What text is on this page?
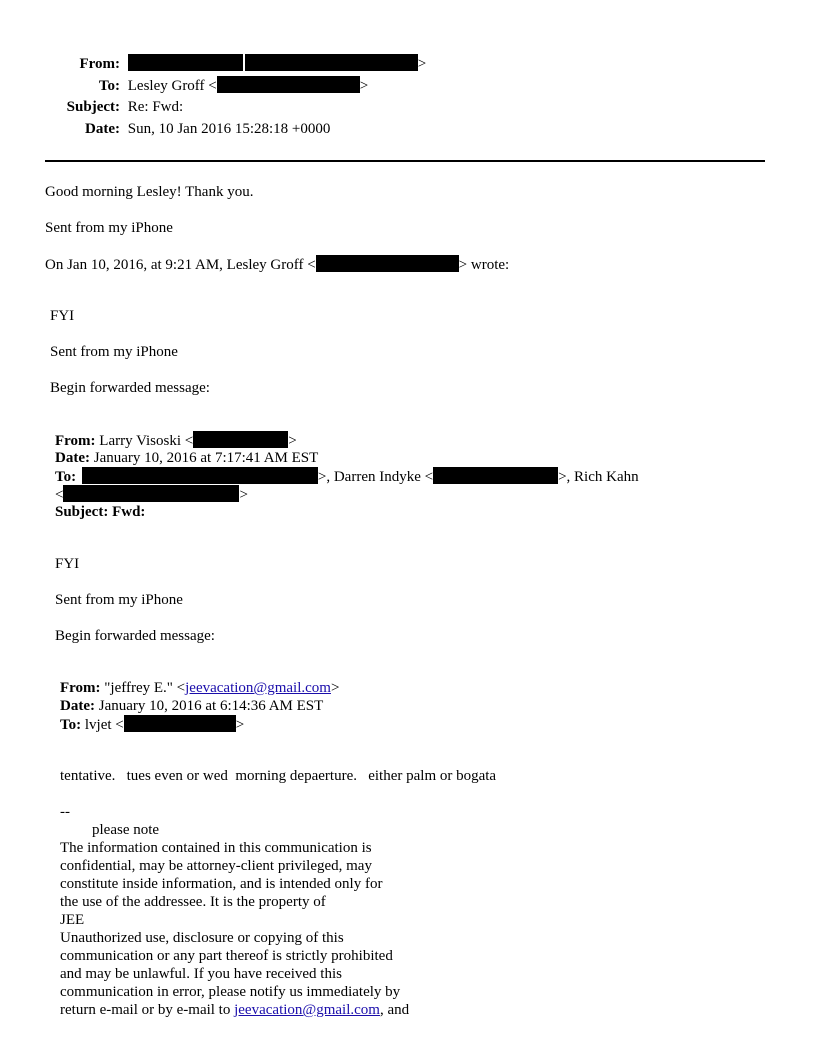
From:	>
To: Lesley Groff <	>
Subject: Re: Fwd:
Date: Sun, 10 Jan 2016 15:28:18 +0000
Good morning Lesley! Thank you.
Sent from my iPhone
On Jan 10, 2016, at 9:21 AM, Lesley Groff <	> wrote:
FYI
Sent from my iPhone
Begin forwarded message:
From: Larry Visoski <	>
Date: January 10, 2016 at 7:17:41 AM EST
To:	>, Darren Indyke <	>, Rich Kahn
<	>
Subject: Fwd:
FYI
Sent from my iPhone
Begin forwarded message:
From: "jeffrey E." <jeevacation@gmail.com>
Date: January 10, 2016 at 6:14:36 AM EST
To: lvjet <	>
tentative.   tues even or wed  morning depaerture.   either palm or bogata
--
please note
The information contained in this communication is
confidential, may be attorney-client privileged, may
constitute inside information, and is intended only for
the use of the addressee. It is the property of
JEE
Unauthorized use, disclosure or copying of this
communication or any part thereof is strictly prohibited
and may be unlawful. If you have received this
communication in error, please notify us immediately by
return e-mail or by e-mail to jeevacation@gmail.com, and
